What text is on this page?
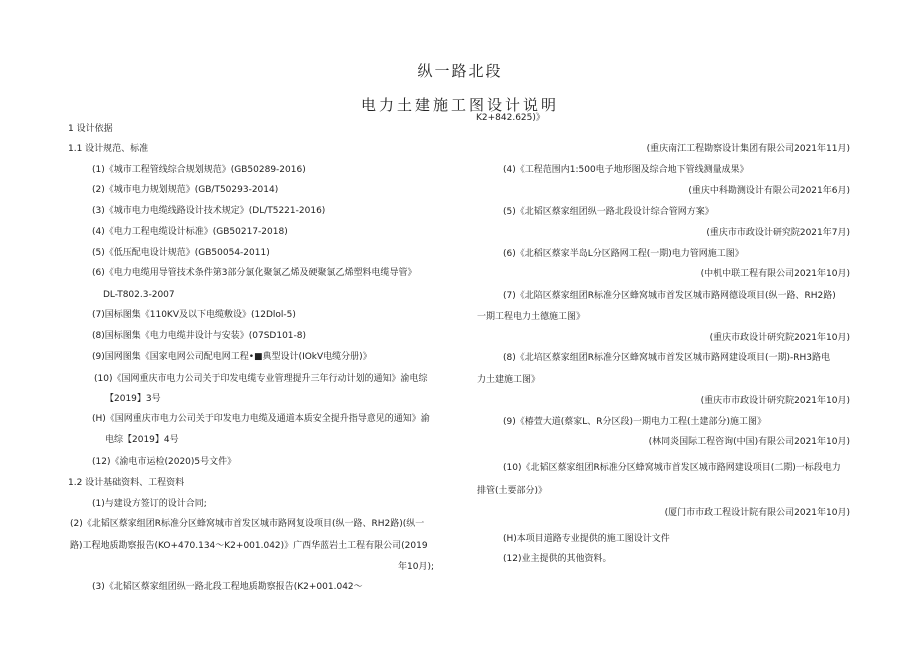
纵一路北段
电力土建施工图设计说明
K2+842.625)》
1 设计依据
1.1 设计规范、标准
(1)《城市工程管线综合规划规范》(GB50289-2016)
(2)《城市电力规划规范》(GB/T50293-2014)
(3)《城市电力电缆线路设计技术规定》(DL/T5221-2016)
(4)《电力工程电缆设计标准》(GB50217-2018)
(5)《低压配电设计规范》(GB50054-2011)
(6)《电力电缆用导管技术条件第3部分氯化聚氯乙烯及硬聚氯乙烯塑料电缆导管》
DL-T802.3-2007
(7)国标图集《110KV及以下电缆敷设》(12Dlol-5)
(8)国标图集《电力电缆井设计与安装》(07SD101-8)
(9)国网图集《国家电网公司配电网工程•■典型设计(IOkV电缆分册)》
(10)《国网重庆市电力公司关于印发电缆专业管理提升三年行动计划的通知》渝电综
【2019】3号
(H)《国网重庆市电力公司关于印发电力电缆及通道本质安全提升指导意见的通知》渝
电综【2019】4号
(12)《渝电市运检(2020)5号文件》
1.2 设计基础资料、工程资料
(1)与建设方签订的设计合同;
(2)《北韬区蔡家组团R标准分区蜂窝城市首发区城市路网复设项目(纵一路、RH2路)(纵一
路)工程地质勘察报告(KO+470.134～K2+001.042)》广西华蓝岩土工程有限公司(2019
年10月);
(3)《北韬区蔡家组团纵一路北段工程地质勘察报告(K2+001.042～
(重庆南江工程勘察设计集团有限公司2021年11月)
(4)《工程范围内1:500电子地形图及综合地下管线测量成果》
(重庆中科勘测设计有限公司2021年6月)
(5)《北韬区蔡家组团纵一路北段设计综合管网方案》
(重庆市市政设计研究院2021年7月)
(6)《北稻区蔡家半岛L分区路网工程(一期)电力管网施工图》
(中机中联工程有限公司2021年10月)
(7)《北陪区蔡家组团R标准分区蜂窝城市首发区城市路网德设项目(纵一路、RH2路)
一期工程电力土德施工图》
(重庆市政设计研究院2021年10月)
(8)《北培区蔡家组团R标准分区蜂窝城市首发区城市路网建设项目(一期)-RH3路电
力土建施工图》
(重庆市市政设计研究院2021年10月)
(9)《椿萱大道(蔡家L、R分区段)一期电力工程(土建部分)施工图》
(林同炎国际工程咨询(中国)有限公司2021年10月)
(10)《北韬区蔡家组团R标准分区蜂窝城市首发区城市路网建设项目(二期)一标段电力
排管(土要部分)》
(厦门市市政工程设计院有限公司2021年10月)
(H)本项目道路专业提供的施工图设计文件
(12)业主提供的其他资料。
